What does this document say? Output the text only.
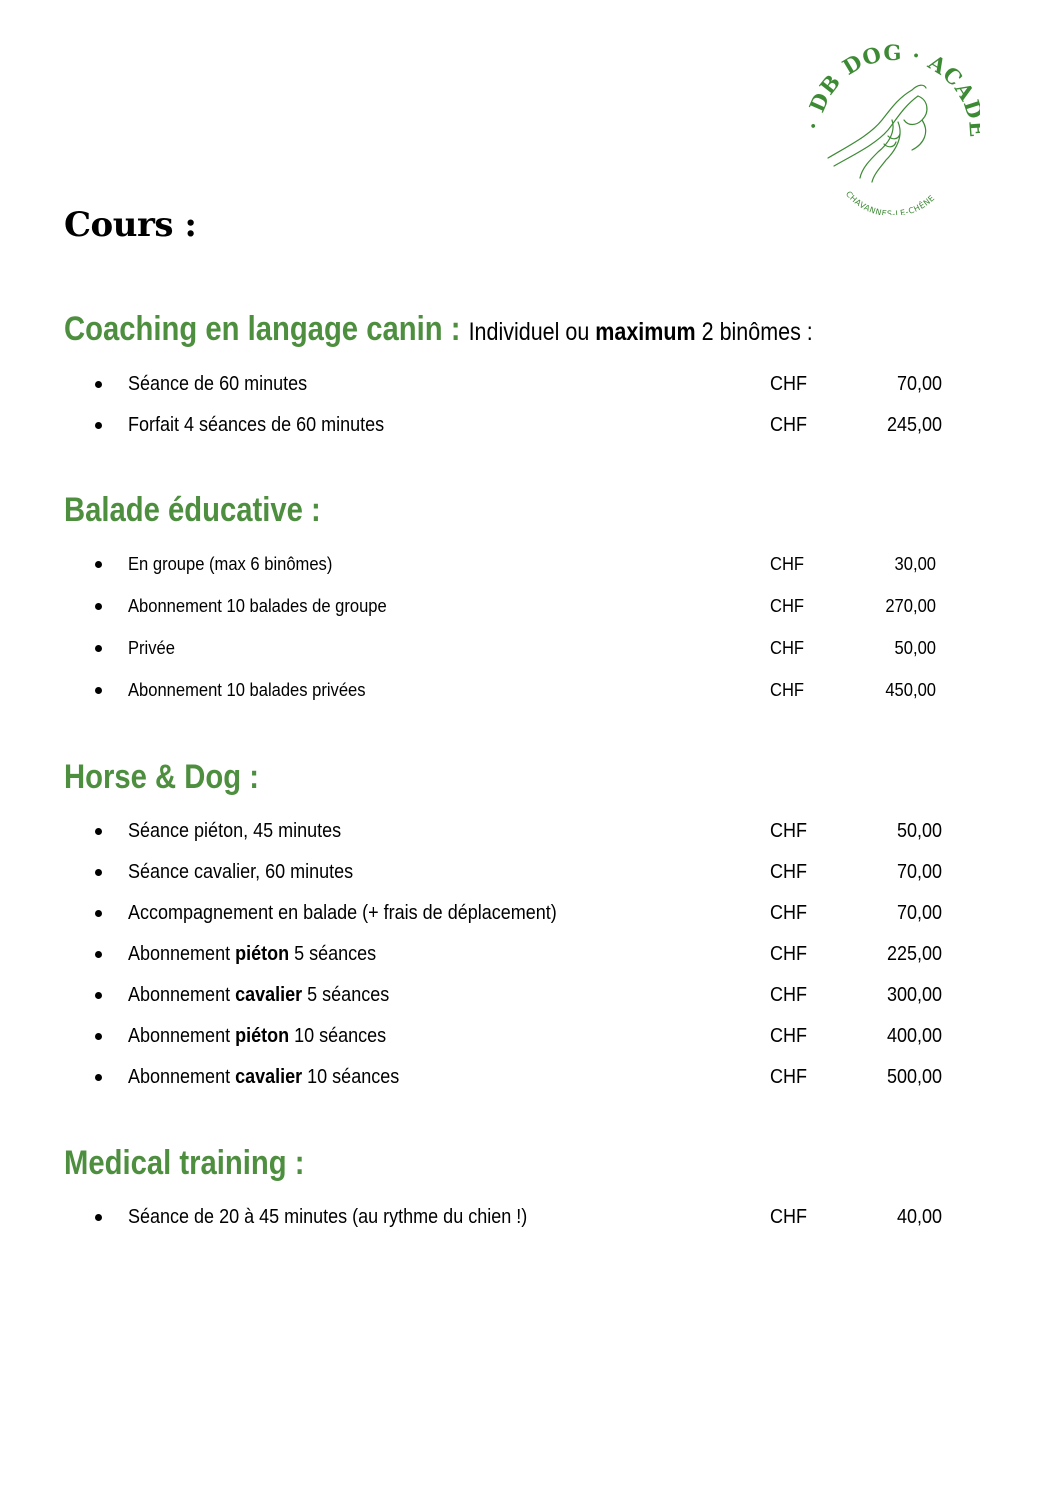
· DB DOG · ACA
CHAVANNES-LE-CHÊNE
Cours :
Coaching en langage canin : Individuel ou maximum 2 binômes :
Séance de 60 minutes	CHF	70,00
Forfait 4 séances de 60 minutes	CHF	245,00
Balade éducative :
En groupe (max 6 binômes)	CHF	30,00
Abonnement 10 balades de groupe	CHF	270,00
Privée	CHF	50,00
Abonnement 10 balades privées	CHF	450,00
Horse & Dog :
Séance piéton, 45 minutes	CHF	50,00
Séance cavalier, 60 minutes	CHF	70,00
Accompagnement en balade (+ frais de déplacement)	CHF	70,00
Abonnement piéton 5 séances	CHF	225,00
Abonnement cavalier 5 séances	CHF	300,00
Abonnement piéton 10 séances	CHF	400,00
Abonnement cavalier 10 séances	CHF	500,00
Medical training :
Séance de 20 à 45 minutes (au rythme du chien !)	CHF	40,00
